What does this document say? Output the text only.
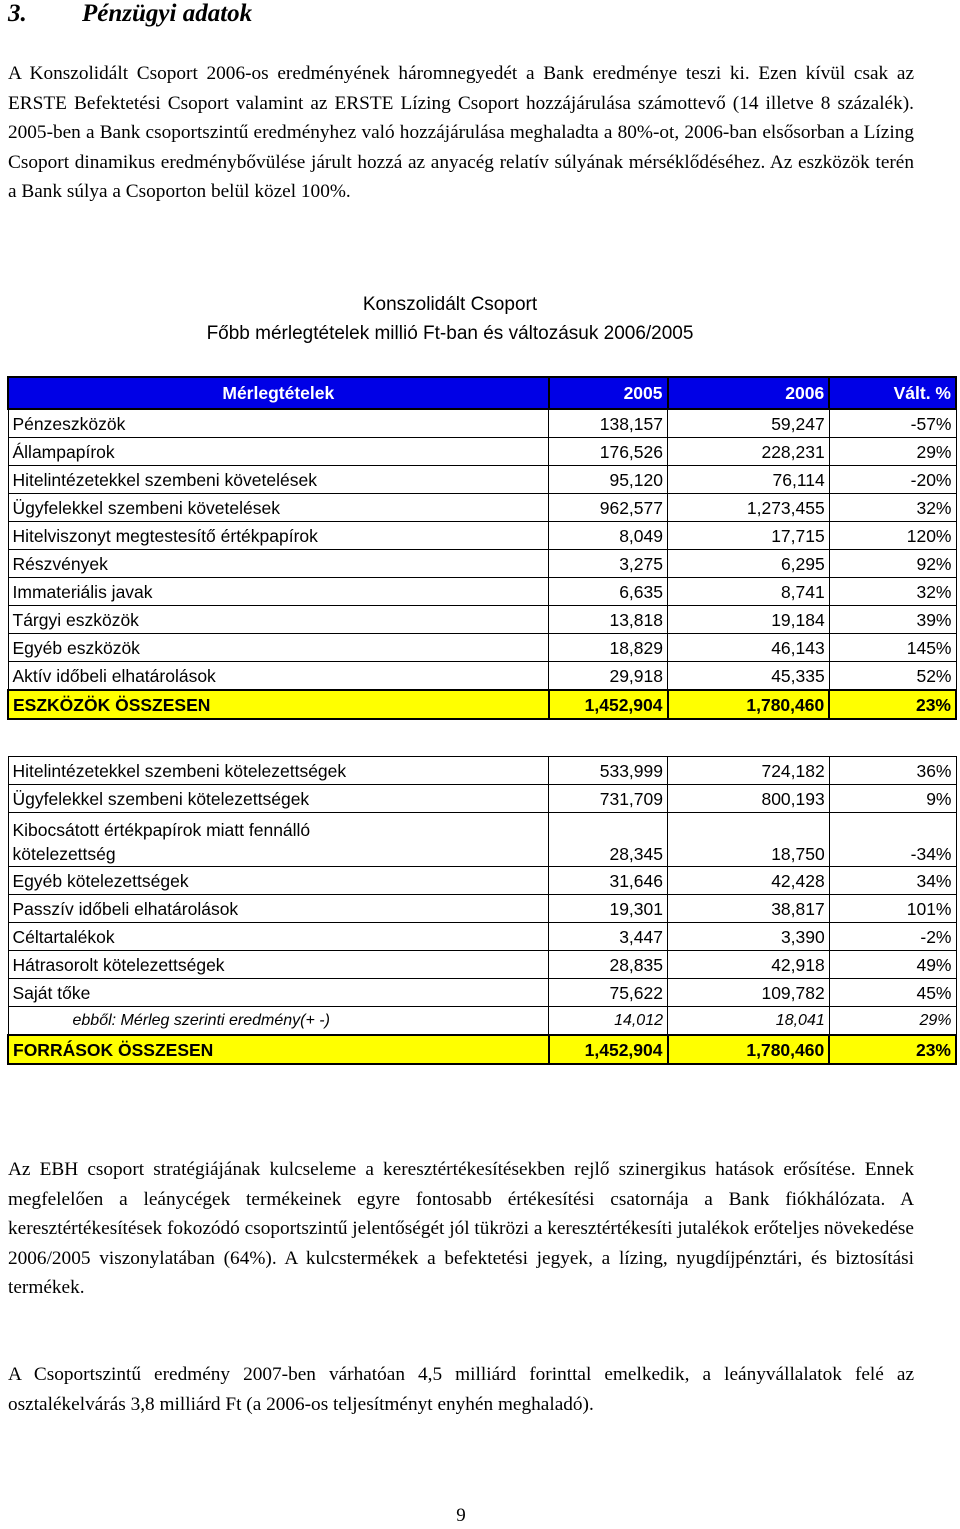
3. Pénzügyi adatok
A Konszolidált Csoport 2006-os eredményének háromnegyedét a Bank eredménye teszi ki. Ezen kívül csak az ERSTE Befektetési Csoport valamint az ERSTE Lízing Csoport hozzájárulása számottevő (14 illetve 8 százalék). 2005-ben a Bank csoportszintű eredményhez való hozzájárulása meghaladta a 80%-ot, 2006-ban elsősorban a Lízing Csoport dinamikus eredménybővülése járult hozzá az anyacég relatív súlyának mérséklődéséhez. Az eszközök terén a Bank súlya a Csoporton belül közel 100%.
Konszolidált Csoport
Főbb mérlegtételek millió Ft-ban és változásuk 2006/2005
Mérlegtételek	2005	2006	Vált. %
Pénzeszközök	138,157	59,247	-57%
Állampapírok	176,526	228,231	29%
Hitelintézetekkel szembeni követelések	95,120	76,114	-20%
Ügyfelekkel szembeni követelések	962,577	1,273,455	32%
Hitelviszonyt megtestesítő értékpapírok	8,049	17,715	120%
Részvények	3,275	6,295	92%
Immateriális javak	6,635	8,741	32%
Tárgyi eszközök	13,818	19,184	39%
Egyéb eszközök	18,829	46,143	145%
Aktív időbeli elhatárolások	29,918	45,335	52%
ESZKÖZÖK ÖSSZESEN	1,452,904	1,780,460	23%
Hitelintézetekkel szembeni kötelezettségek	533,999	724,182	36%
Ügyfelekkel szembeni kötelezettségek	731,709	800,193	9%
Kibocsátott értékpapírok miatt fennálló
kötelezettség	28,345	18,750	-34%
Egyéb kötelezettségek	31,646	42,428	34%
Passzív időbeli elhatárolások	19,301	38,817	101%
Céltartalékok	3,447	3,390	-2%
Hátrasorolt kötelezettségek	28,835	42,918	49%
Saját tőke	75,622	109,782	45%
ebből: Mérleg szerinti eredmény(+ -)	14,012	18,041	29%
FORRÁSOK ÖSSZESEN	1,452,904	1,780,460	23%
Az EBH csoport stratégiájának kulcseleme a keresztértékesítésekben rejlő szinergikus hatások erősítése. Ennek megfelelően a leánycégek termékeinek egyre fontosabb értékesítési csatornája a Bank fiókhálózata. A keresztértékesítések fokozódó csoportszintű jelentőségét jól tükrözi a keresztértékesíti jutalékok erőteljes növekedése 2006/2005 viszonylatában (64%). A kulcstermékek a befektetési jegyek, a lízing, nyugdíjpénztári, és biztosítási termékek.
A Csoportszintű eredmény 2007-ben várhatóan 4,5 milliárd forinttal emelkedik, a leányvállalatok felé az osztalékelvárás 3,8 milliárd Ft (a 2006-os teljesítményt enyhén meghaladó).
9
